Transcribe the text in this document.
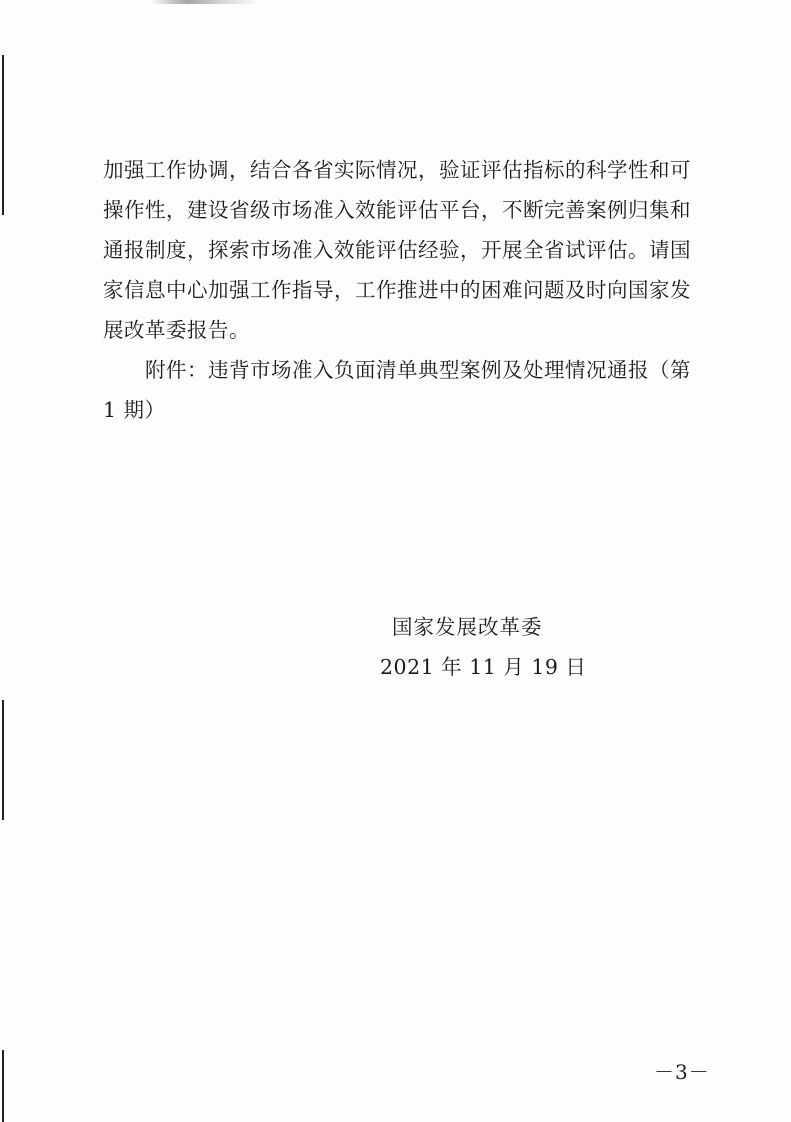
加强工作协调，结合各省实际情况，验证评估指标的科学性和可
操作性，建设省级市场准入效能评估平台，不断完善案例归集和
通报制度，探索市场准入效能评估经验，开展全省试评估。请国
家信息中心加强工作指导，工作推进中的困难问题及时向国家发
展改革委报告。
　　附件：违背市场准入负面清单典型案例及处理情况通报（第
1 期）
国家发展改革委
2021 年 11 月 19 日
－3－
